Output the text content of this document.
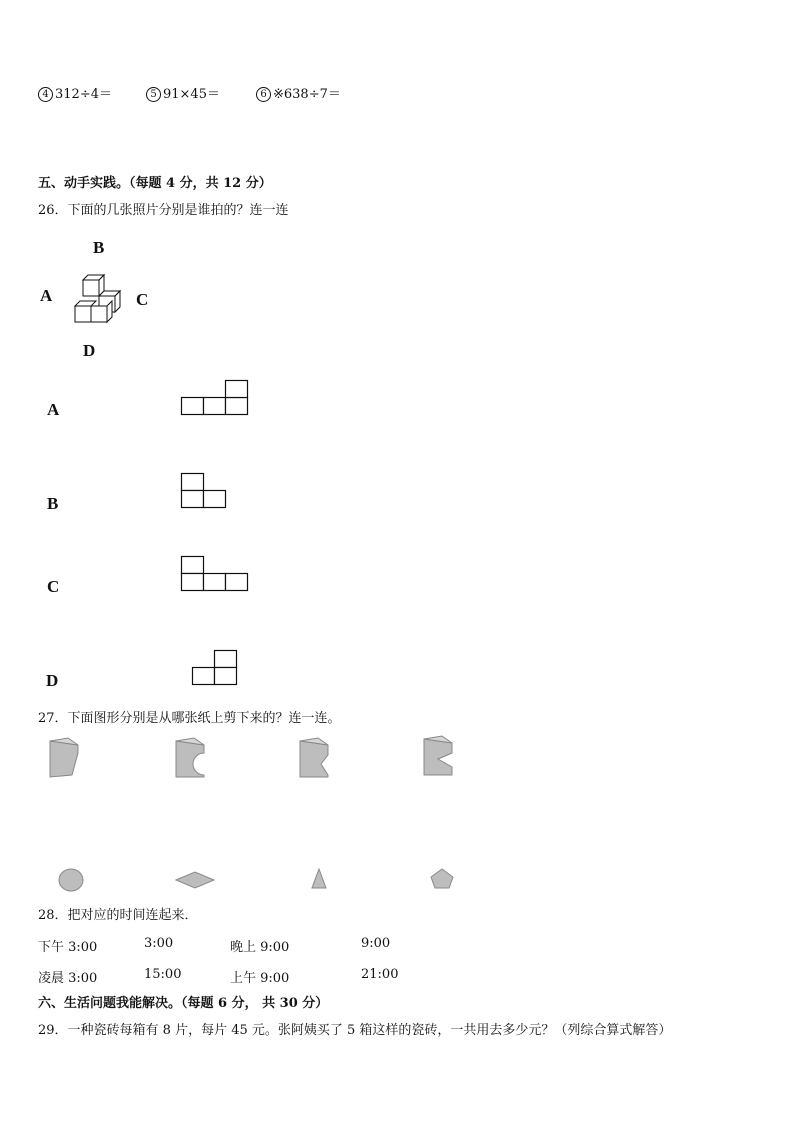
4 312÷4＝	5 91×45＝	6 ※638÷7＝
五、动手实践。（每题 4 分，共 12 分）
26．下面的几张照片分别是谁拍的？连一连
B
A	C
D
A
B
C
D
27．下面图形分别是从哪张纸上剪下来的？连一连。
28．把对应的时间连起来．
下午 3:00	3:00	晚上 9:00	9:00
凌晨 3:00	15:00	上午 9:00	21:00
六、生活问题我能解决。（每题 6 分， 共 30 分）
29．一种瓷砖每箱有 8 片，每片 45 元。张阿姨买了 5 箱这样的瓷砖，一共用去多少元？（列综合算式解答）
